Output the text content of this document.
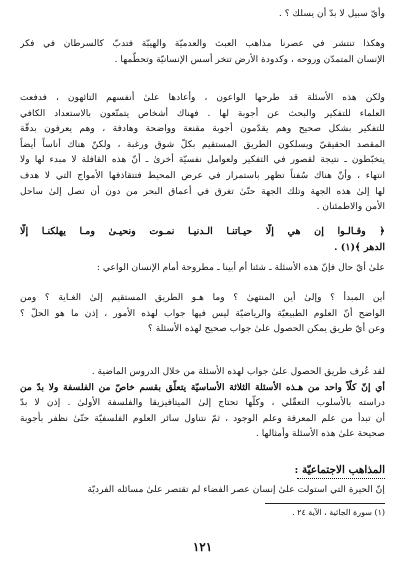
وأيّ سبيل لا بدّ أن يسلك ؟ .
وهكذا تنتشر في عصرنا مذاهب العبث والعدميّة والهيبّة فتدبّ كالسرطان في فكر
الإنسان المتمدّن وروحه ، وكدودة الأرض تنخر أسس الإنسانيّة وتحطّمها .
ولكن هذه الأسئلة قد طرحها الواعون ، وأعادها علىٰ أنفسهم التائهون ، فدفعت
العلماء للتفكير والبحث عن أجوبة لها . فهناك أشخاص يتمتّعون بالاستعداد الكافي
للتفكير بشكل صحيح وهم يقدّمون أجوبة مقنعة وواضحة وهادفة ، وهم يعرفون بدقّة
المقصد الحقيقيّ ويسلكون الطريق المستقيم بكلّ شوق ورغبة ، ولكنّ هناك أناساً أيضاً
يتخبّطون ـ نتيجة لقصور في التفكير ولعوامل نفسيّة أخرىٰ ـ أنّ هذه القافلة لا مبدء لها ولا
انتهاء ، وأنّ هناك سُفناً تظهر باستمرار في عرض المحيط فتتقاذفها الأمواج التي لا هدف
لها إلىٰ هذه الجهة وتلك الجهة حتّىٰ تغرق في أعماق البحر من دون أن تصل إلىٰ ساحل
الأمن والاطمئنان .
﴿ وقـالـوا إن هي إلّا حيـاتنـا الـدنيـا نمـوت ونحيـىٰ ومـا يهلكنـا إلّا
الدهر ﴾(١) .
علىٰ أيّ حال فإنّ هذه الأسئلة ـ شئنا أم أبينا ـ مطروحة أمام الإنسان الواعي :
أين المبدأ ؟ وإلىٰ أين المنتهىٰ ؟ وما هـو الطريق المستقيم إلىٰ الغـاية ؟ ومن
الواضح أنّ العلوم الطبيعيّة والرياضيّة ليس فيها جواب لهذه الأمور ، إذن ما هو الحلّ ؟
وعن أيّ طريق يمكن الحصول علىٰ جواب صحيح لهذه الأسئلة ؟
لقد عُرف طريق الحصول علىٰ جواب لهذه الأسئلة من خلال الدروس الماضية .
أي إنّ كلّاً واحد من هـذه الأسئلة الثلاثة الأساسيّة يتعلّق بقسم خاصّ من الفلسفة ولا بدّ من
دراسته بالأسلوب التعقّلي ، وكلّها تحتاج إلىٰ الميتافيزيقا والفلسفة الأولىٰ . إذن لا بدّ
أن تبدأ من علم المعرفة وعلم الوجود ، ثمّ نتناول سائر العلوم الفلسفيّة حتّىٰ نظفر بأجوبة
صحيحة علىٰ هذه الأسئلة وأمثالها .
المذاهب الاجتماعيّة :
إنّ الحيرة التي استولت علىٰ إنسان عصر الفضاء لم تقتصر علىٰ مسائله الفرديّة
(١) سورة الجاثية ، الآية ٢٤ .
١٢١
